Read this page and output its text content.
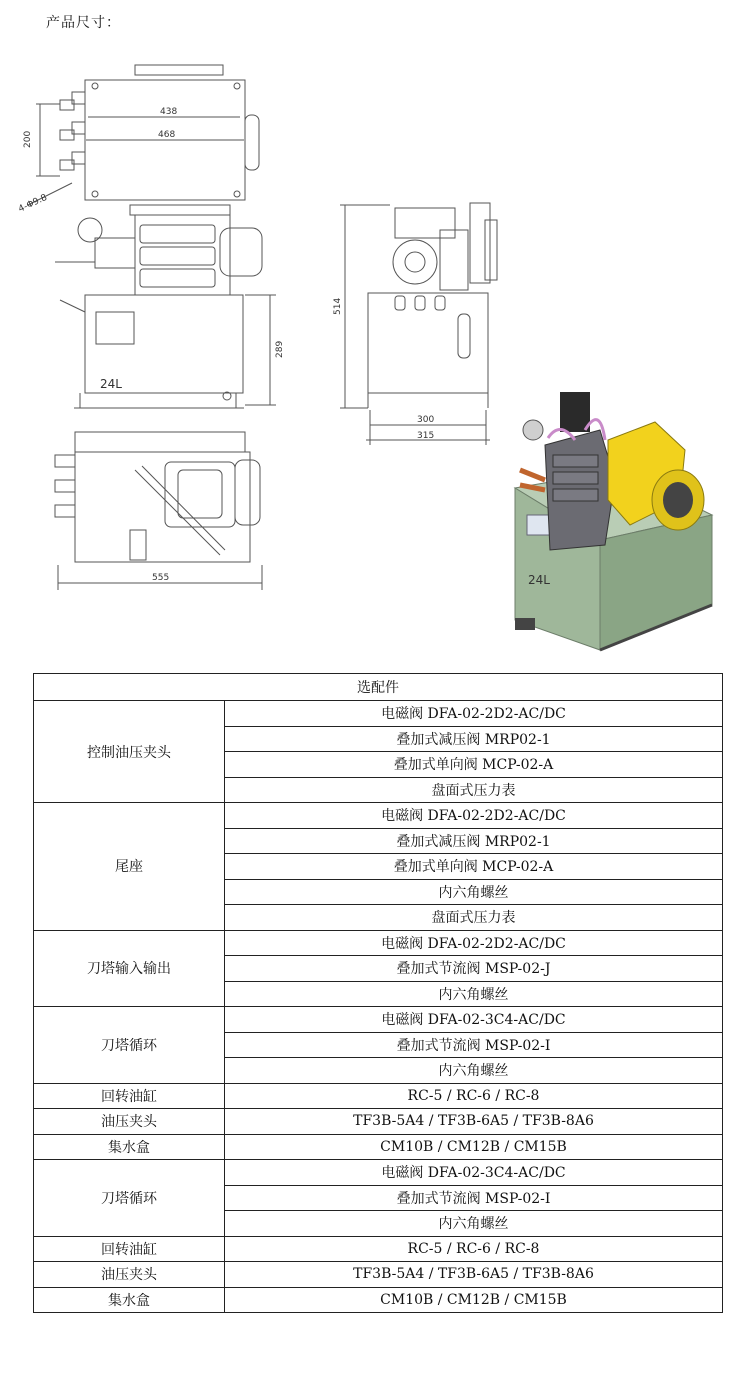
产品尺寸：
438
468
200
4-Φ9.8
24L
289
555
514
300
315
24L
选配件	
控制油压夹头	电磁阀 DFA-02-2D2-AC/DC
	叠加式减压阀 MRP02-1
	叠加式单向阀 MCP-02-A
	盘面式压力表
尾座	电磁阀 DFA-02-2D2-AC/DC
	叠加式减压阀 MRP02-1
	叠加式单向阀 MCP-02-A
	内六角螺丝
	盘面式压力表
刀塔输入输出	电磁阀 DFA-02-2D2-AC/DC
	叠加式节流阀 MSP-02-J
	内六角螺丝
刀塔循环	电磁阀 DFA-02-3C4-AC/DC
	叠加式节流阀 MSP-02-I
	内六角螺丝
回转油缸	RC-5 / RC-6 / RC-8
油压夹头	TF3B-5A4 / TF3B-6A5 / TF3B-8A6
集水盒	CM10B / CM12B / CM15B
刀塔循环	电磁阀 DFA-02-3C4-AC/DC
	叠加式节流阀 MSP-02-I
	内六角螺丝
回转油缸	RC-5 / RC-6 / RC-8
油压夹头	TF3B-5A4 / TF3B-6A5 / TF3B-8A6
集水盒	CM10B / CM12B / CM15B
